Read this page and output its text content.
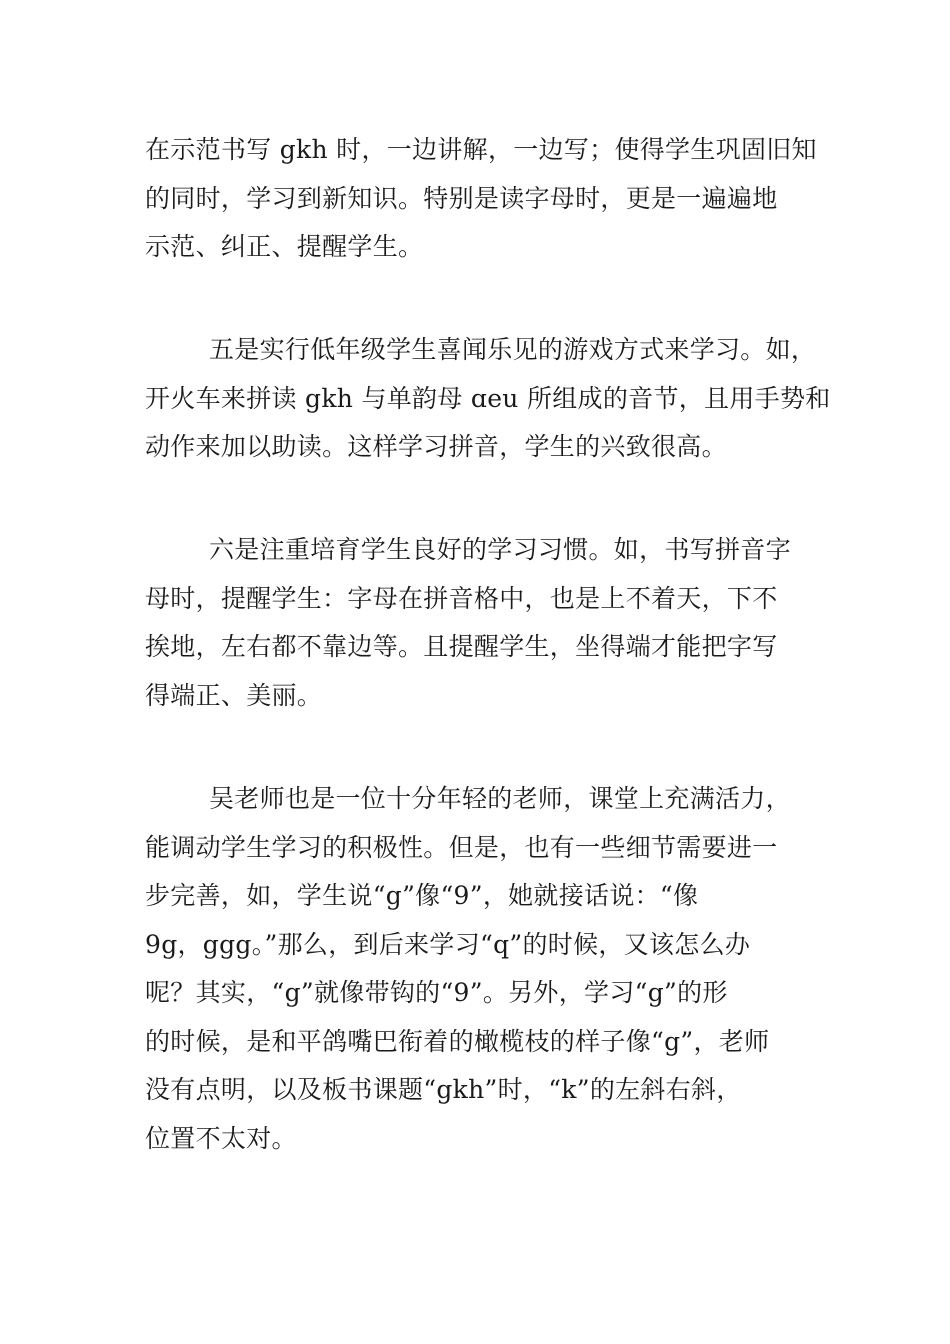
在示范书写 gkh 时，一边讲解，一边写；使得学生巩固旧知
的同时，学习到新知识。特别是读字母时，更是一遍遍地
示范、纠正、提醒学生。
五是实行低年级学生喜闻乐见的游戏方式来学习。如，
开火车来拼读 gkh 与单韵母 ɑeu 所组成的音节，且用手势和
动作来加以助读。这样学习拼音，学生的兴致很高。
六是注重培育学生良好的学习习惯。如，书写拼音字
母时，提醒学生：字母在拼音格中，也是上不着天，下不
挨地，左右都不靠边等。且提醒学生，坐得端才能把字写
得端正、美丽。
吴老师也是一位十分年轻的老师，课堂上充满活力，
能调动学生学习的积极性。但是，也有一些细节需要进一
步完善，如，学生说“g”像“9”，她就接话说：“像
9g，ggg。”那么，到后来学习“q”的时候，又该怎么办
呢？其实，“g”就像带钩的“9”。另外，学习“g”的形
的时候，是和平鸽嘴巴衔着的橄榄枝的样子像“g”，老师
没有点明，以及板书课题“gkh”时，“k”的左斜右斜，
位置不太对。
